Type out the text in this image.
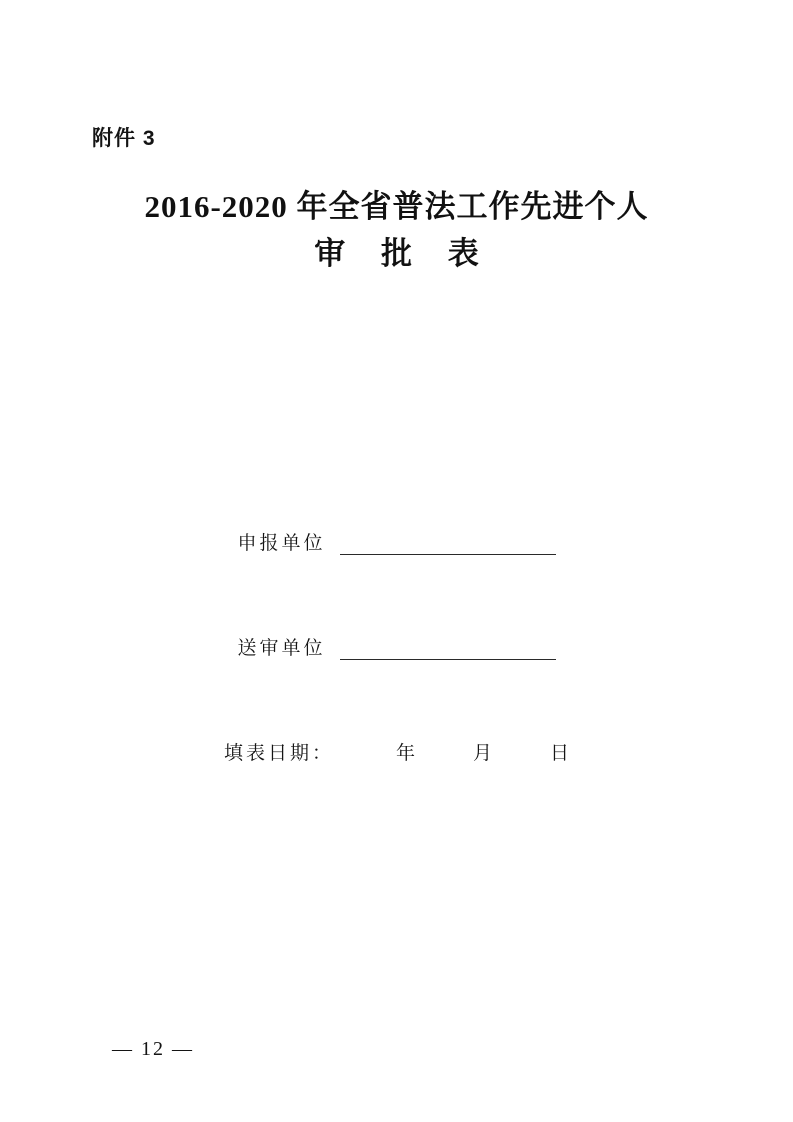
附件 3
2016-2020 年全省普法工作先进个人
审 批 表
申报单位
送审单位
填表日期：	年	月	日
— 12 —
